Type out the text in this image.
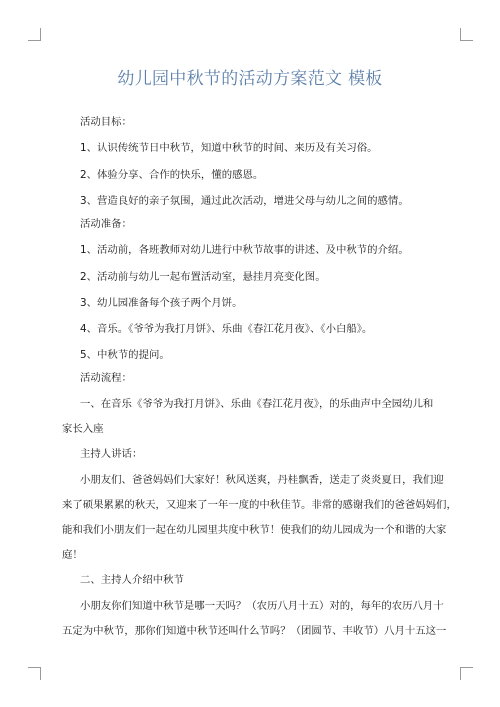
幼儿园中秋节的活动方案范文 模板
活动目标：
1、认识传统节日中秋节，知道中秋节的时间、来历及有关习俗。
2、体验分享、合作的快乐，懂的感恩。
3、营造良好的亲子氛围，通过此次活动，增进父母与幼儿之间的感情。
活动准备：
1、活动前，各班教师对幼儿进行中秋节故事的讲述、及中秋节的介绍。
2、活动前与幼儿一起布置活动室，悬挂月亮变化图。
3、幼儿园准备每个孩子两个月饼。
4、音乐。《爷爷为我打月饼》、乐曲《春江花月夜》、《小白船》。
5、中秋节的提问。
活动流程：
一、在音乐《爷爷为我打月饼》、乐曲《春江花月夜》，的乐曲声中全园幼儿和
家长入座
主持人讲话：
小朋友们、爸爸妈妈们大家好！秋风送爽，丹桂飘香，送走了炎炎夏日，我们迎
来了硕果累累的秋天，又迎来了一年一度的中秋佳节。非常的感谢我们的爸爸妈妈们，
能和我们小朋友们一起在幼儿园里共度中秋节！使我们的幼儿园成为一个和谐的大家
庭！
二、主持人介绍中秋节
小朋友你们知道中秋节是哪一天吗？（农历八月十五）对的，每年的农历八月十
五定为中秋节，那你们知道中秋节还叫什么节吗？（团圆节、丰收节）八月十五这一
